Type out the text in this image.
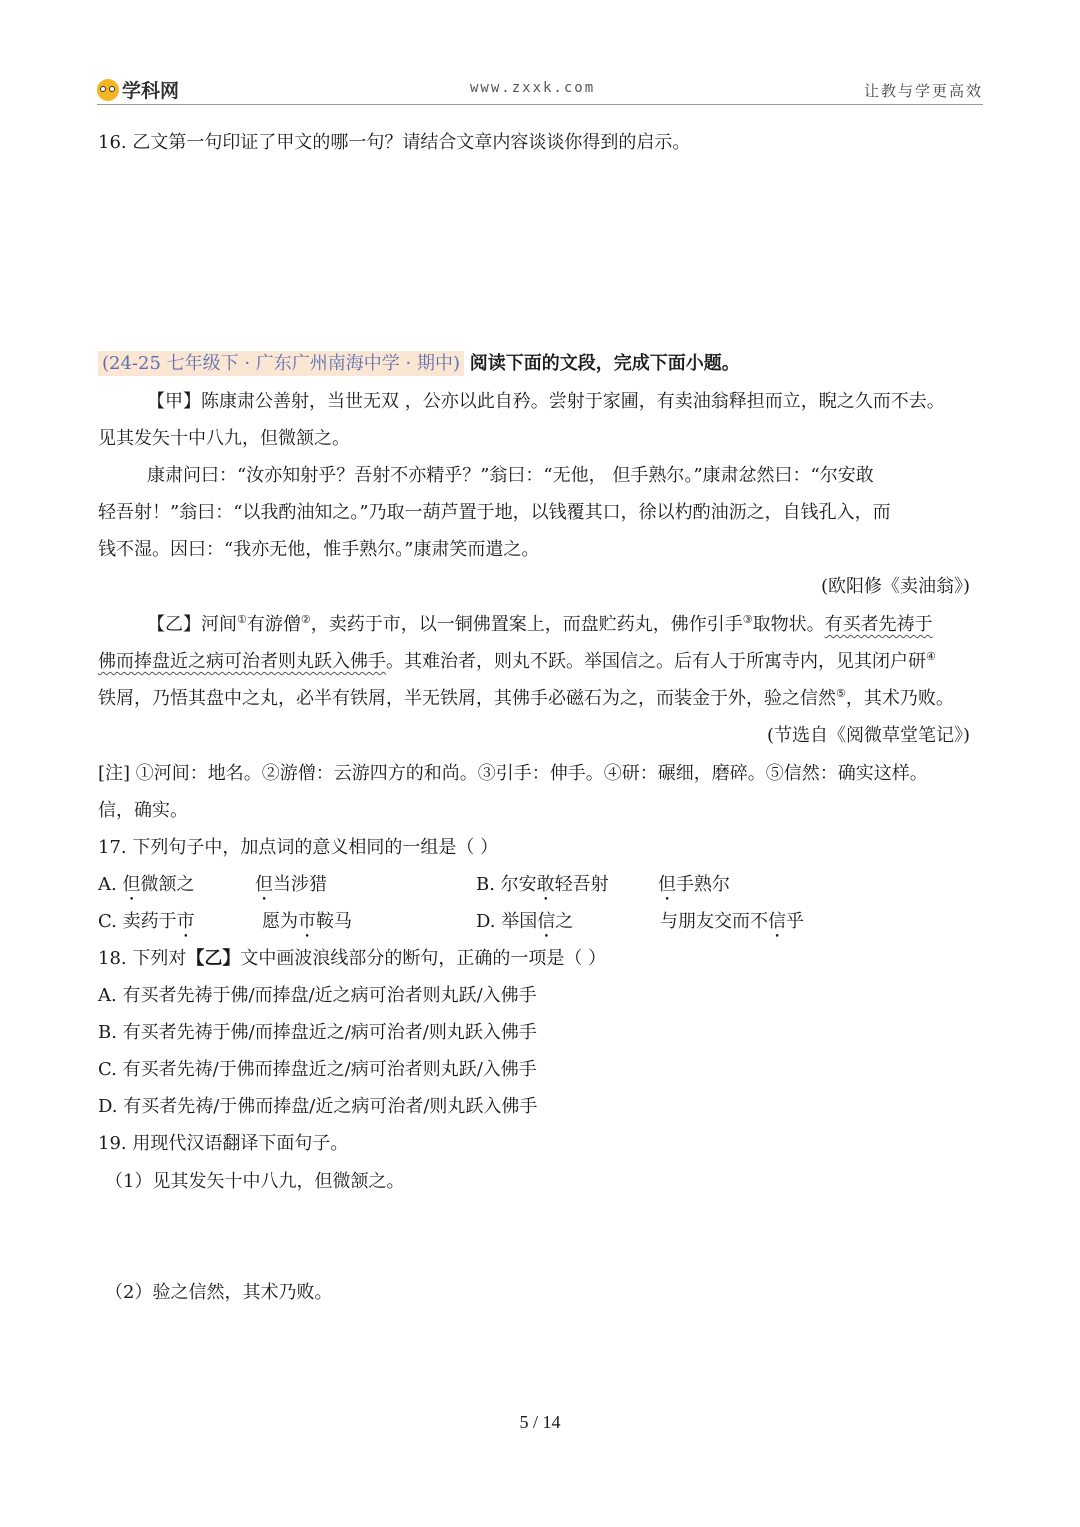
学科网	www.zxxk.com	让教与学更高效
16. 乙文第一句印证了甲文的哪一句？请结合文章内容谈谈你得到的启示。
(24-25 七年级下 · 广东广州南海中学 · 期中) 阅读下面的文段，完成下面小题。
【甲】陈康肃公善射，当世无双 ，公亦以此自矜。尝射于家圃，有卖油翁释担而立，睨之久而不去。
见其发矢十中八九，但微颔之。
康肃问曰：“汝亦知射乎？吾射不亦精乎？”翁曰：“无他， 但手熟尔。”康肃忿然曰：“尔安敢
轻吾射！”翁曰：“以我酌油知之。”乃取一葫芦置于地，以钱覆其口，徐以杓酌油沥之，自钱孔入，而
钱不湿。因曰：“我亦无他，惟手熟尔。”康肃笑而遣之。
(欧阳修《卖油翁》)
【乙】河间①有游僧②，卖药于市，以一铜佛置案上，而盘贮药丸，佛作引手③取物状。有买者先祷于
佛而捧盘近之病可治者则丸跃入佛手。其难治者，则丸不跃。举国信之。后有人于所寓寺内，见其闭户研④
铁屑，乃悟其盘中之丸，必半有铁屑，半无铁屑，其佛手必磁石为之，而装金于外，验之信然⑤，其术乃败。
(节选自《阅微草堂笔记》)
[注] ①河间：地名。②游僧：云游四方的和尚。③引手：伸手。④研：碾细，磨碎。⑤信然：确实这样。
信，确实。
17. 下列句子中，加点词的意义相同的一组是（ ）
A. 但微颔之	但当涉猎	B. 尔安敢轻吾射	但手熟尔
C. 卖药于市	愿为市鞍马	D. 举国信之	与朋友交而不信乎
18. 下列对【乙】文中画波浪线部分的断句，正确的一项是（ ）
A. 有买者先祷于佛/而捧盘/近之病可治者则丸跃/入佛手
B. 有买者先祷于佛/而捧盘近之/病可治者/则丸跃入佛手
C. 有买者先祷/于佛而捧盘近之/病可治者则丸跃/入佛手
D. 有买者先祷/于佛而捧盘/近之病可治者/则丸跃入佛手
19. 用现代汉语翻译下面句子。
（1）见其发矢十中八九，但微颔之。
（2）验之信然，其术乃败。
5 / 14
